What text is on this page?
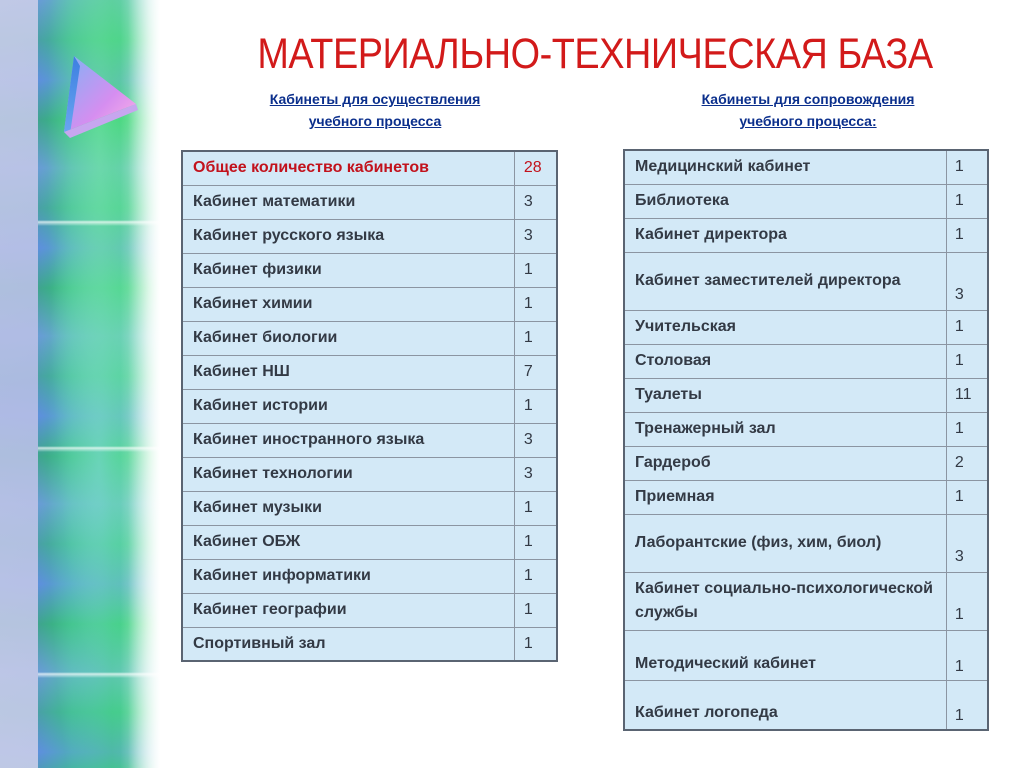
МАТЕРИАЛЬНО-ТЕХНИЧЕСКАЯ БАЗА
Кабинеты для осуществления
учебного процесса
Кабинеты для сопровождения
учебного процесса:
Общее количество кабинетов	28
Кабинет математики	3
Кабинет русского языка	3
Кабинет физики	1
Кабинет химии	1
Кабинет биологии	1
Кабинет НШ	7
Кабинет истории	1
Кабинет иностранного языка	3
Кабинет технологии	3
Кабинет музыки	1
Кабинет ОБЖ	1
Кабинет информатики	1
Кабинет географии	1
Спортивный зал	1
Медицинский кабинет	1
Библиотека	1
Кабинет директора	1
Кабинет заместителей директора	3
Учительская	1
Столовая	1
Туалеты	11
Тренажерный зал	1
Гардероб	2
Приемная	1
Лаборантские (физ, хим, биол)	3
Кабинет социально-психологической службы	1
Методический кабинет	1
Кабинет логопеда	1
